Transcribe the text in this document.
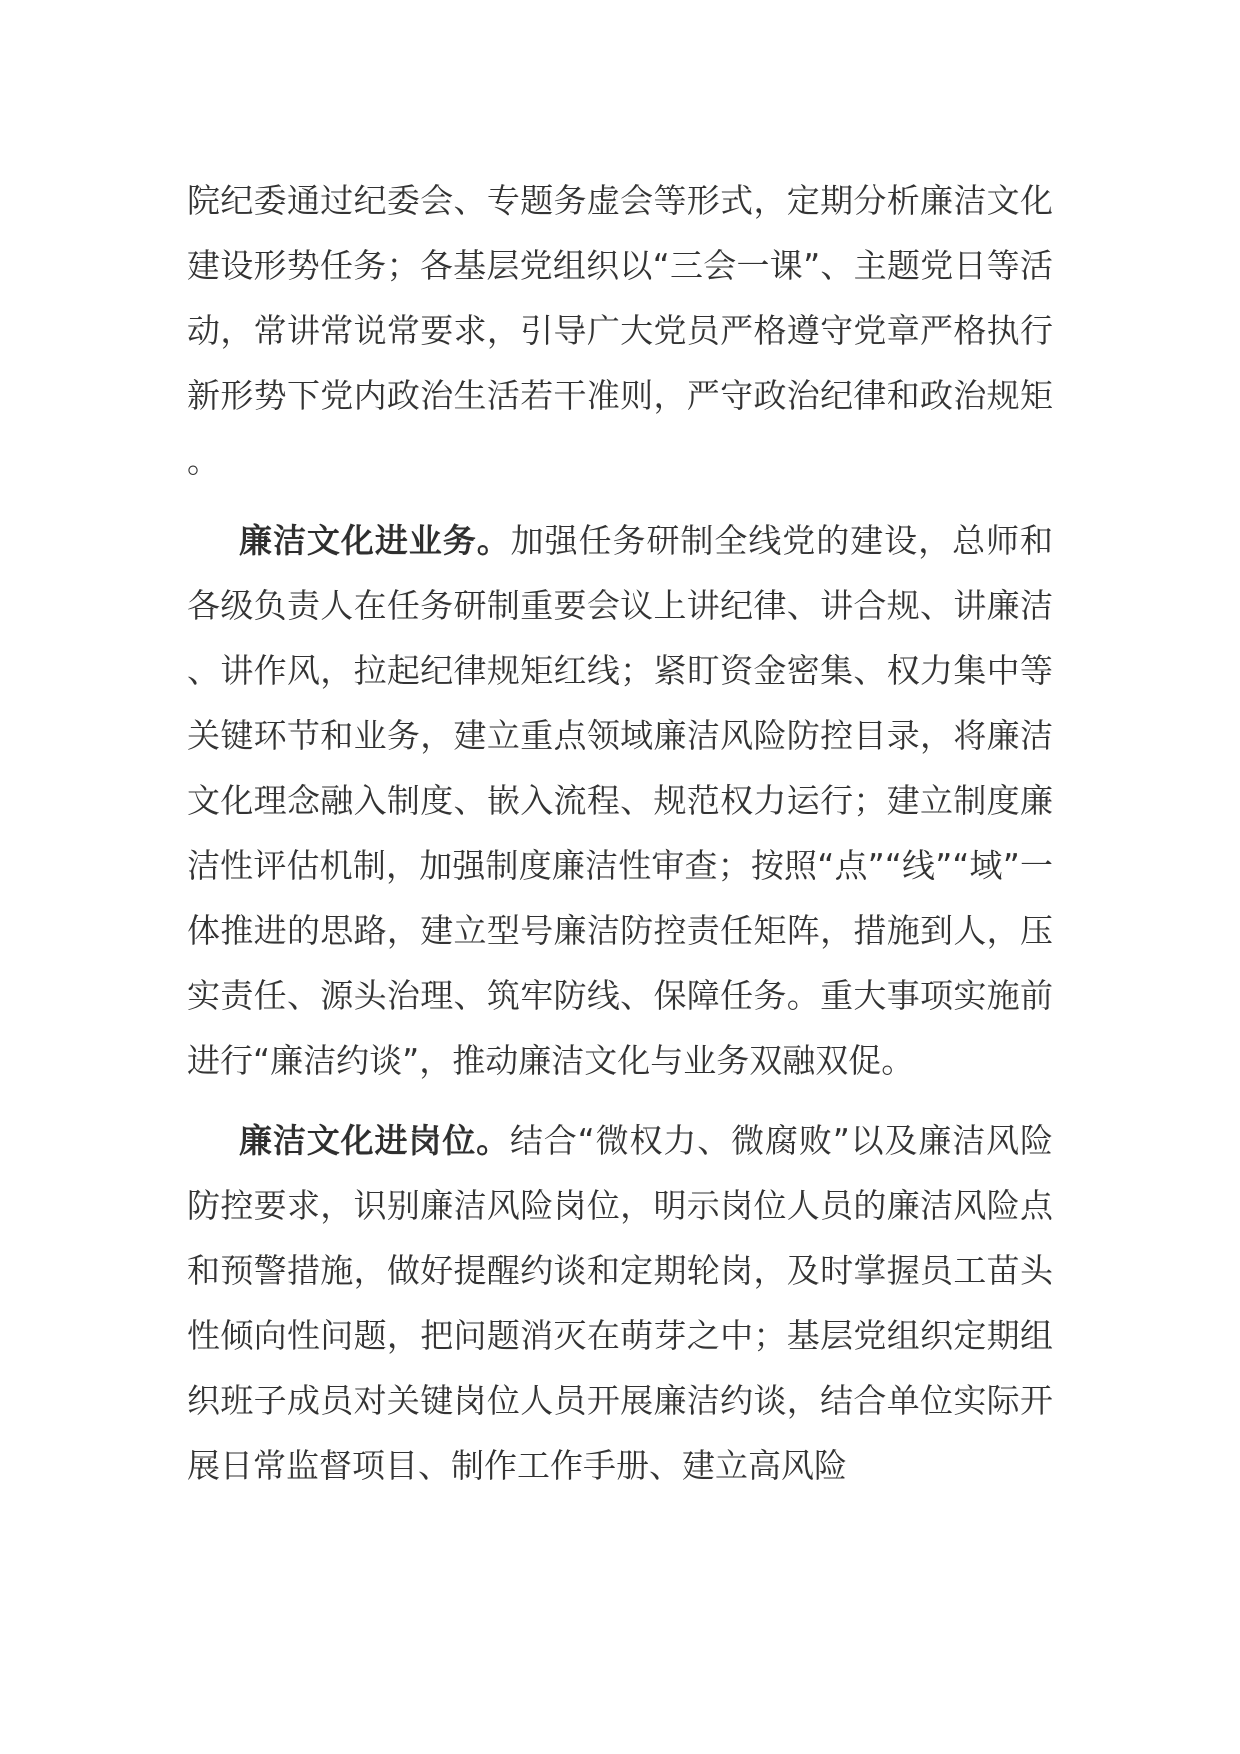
院纪委通过纪委会、专题务虚会等形式，定期分析廉洁文化建设形势任务；各基层党组织以“三会一课”、主题党日等活动，常讲常说常要求，引导广大党员严格遵守党章严格执行新形势下党内政治生活若干准则，严守政治纪律和政治规矩。

廉洁文化进业务。加强任务研制全线党的建设，总师和各级负责人在任务研制重要会议上讲纪律、讲合规、讲廉洁、讲作风，拉起纪律规矩红线；紧盯资金密集、权力集中等关键环节和业务，建立重点领域廉洁风险防控目录，将廉洁文化理念融入制度、嵌入流程、规范权力运行；建立制度廉洁性评估机制，加强制度廉洁性审查；按照“点”“线”“域”一体推进的思路，建立型号廉洁防控责任矩阵，措施到人，压实责任、源头治理、筑牢防线、保障任务。重大事项实施前进行“廉洁约谈”，推动廉洁文化与业务双融双促。

廉洁文化进岗位。结合“微权力、微腐败”以及廉洁风险防控要求，识别廉洁风险岗位，明示岗位人员的廉洁风险点和预警措施，做好提醒约谈和定期轮岗，及时掌握员工苗头性倾向性问题，把问题消灭在萌芽之中；基层党组织定期组织班子成员对关键岗位人员开展廉洁约谈，结合单位实际开展日常监督项目、制作工作手册、建立高风险
